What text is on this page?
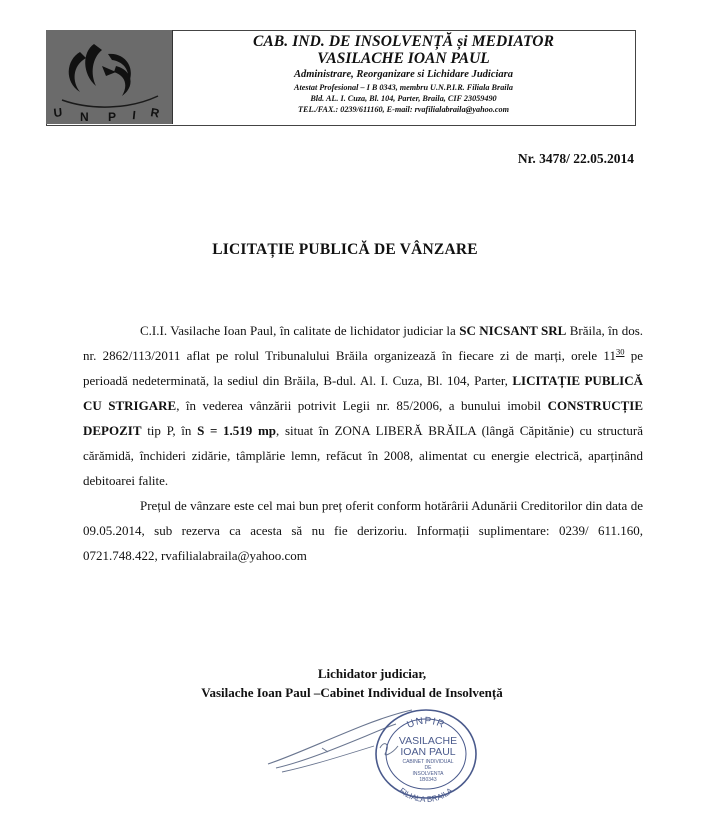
U N P I R
CAB. IND. DE INSOLVENȚĂ și MEDIATOR
VASILACHE IOAN PAUL
Administrare, Reorganizare si Lichidare Judiciara
Atestat Profesional – I B 0343, membru U.N.P.I.R. Filiala Braila
Bld. AL. I. Cuza, Bl. 104, Parter, Braila, CIF 23059490
TEL./FAX.: 0239/611160, E-mail: rvafilialabraila@yahoo.com
Nr. 3478/ 22.05.2014
LICITAȚIE PUBLICĂ DE VÂNZARE

C.I.I. Vasilache Ioan Paul, în calitate de lichidator judiciar la SC NICSANT SRL Brăila, în dos. nr. 2862/113/2011 aflat pe rolul Tribunalului Brăila organizează în fiecare zi de marți, orele $11^{30}$ pe perioadă nedeterminată, la sediul din Brăila, B-dul. Al. I. Cuza, Bl. 104, Parter, LICITAȚIE PUBLICĂ CU STRIGARE, în vederea vânzării potrivit Legii nr. 85/2006, a bunului imobil CONSTRUCȚIE DEPOZIT tip P, în S = 1.519 mp, situat în ZONA LIBERĂ BRĂILA (lângă Căpitănie) cu structură cărămidă, închideri zidărie, tâmplărie lemn, refăcut în 2008, alimentat cu energie electrică, aparținând debitoarei falite.

Prețul de vânzare este cel mai bun preț oferit conform hotărârii Adunării Creditorilor din data de 09.05.2014, sub rezerva ca acesta să nu fie derizoriu. Informații suplimentare: 0239/ 611.160, 0721.748.422, rvafilialabraila@yahoo.com

Lichidator judiciar,
Vasilache Ioan Paul –Cabinet Individual de Insolvență
UNPIR
VASILACHE
IOAN PAUL
CABINET INDIVIDUAL
DE
INSOLVENTA
1B0343
FILIALA BRAILA
